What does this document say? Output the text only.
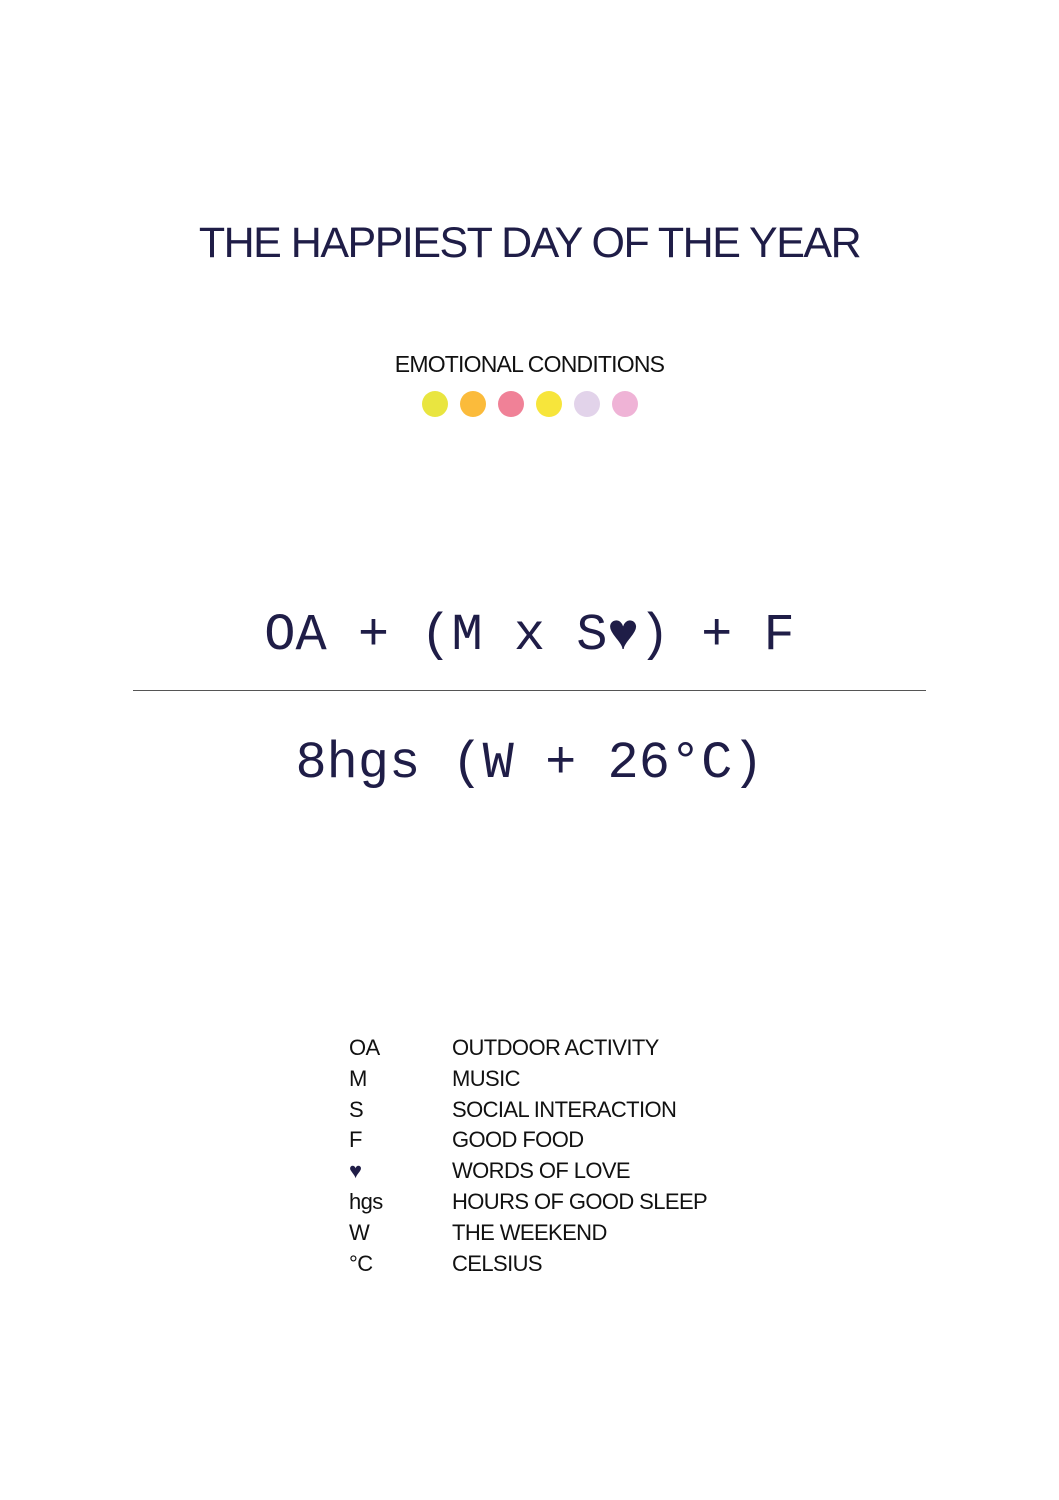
THE HAPPIEST DAY OF THE YEAR
EMOTIONAL CONDITIONS
OA + (M x S♥) + F
8hgs (W + 26°C)
OA	OUTDOOR ACTIVITY
M	MUSIC
S	SOCIAL INTERACTION
F	GOOD FOOD
♥	WORDS OF LOVE
hgs	HOURS OF GOOD SLEEP
W	THE WEEKEND
°C	CELSIUS
